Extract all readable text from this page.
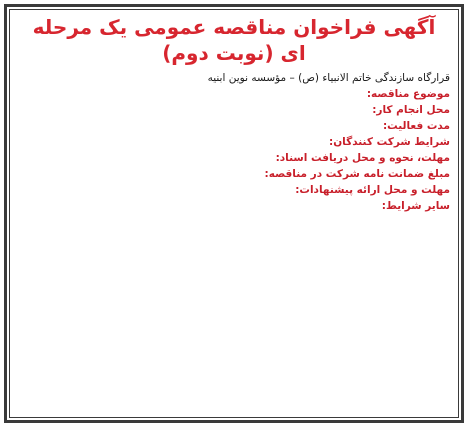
آگهی فراخوان مناقصه عمومی یک مرحله ای (نوبت دوم)
قرارگاه سازندگی خاتم الانبیاء (ص) – مؤسسه نوین ابنیه

موضوع مناقصه:

محل انجام کار:

مدت فعالیت:

شرایط شرکت کنندگان:

مهلت، نحوه و محل دریافت اسناد:

مبلغ ضمانت نامه شرکت در مناقصه:

مهلت و محل ارائه پیشنهادات:

سایر شرایط:
